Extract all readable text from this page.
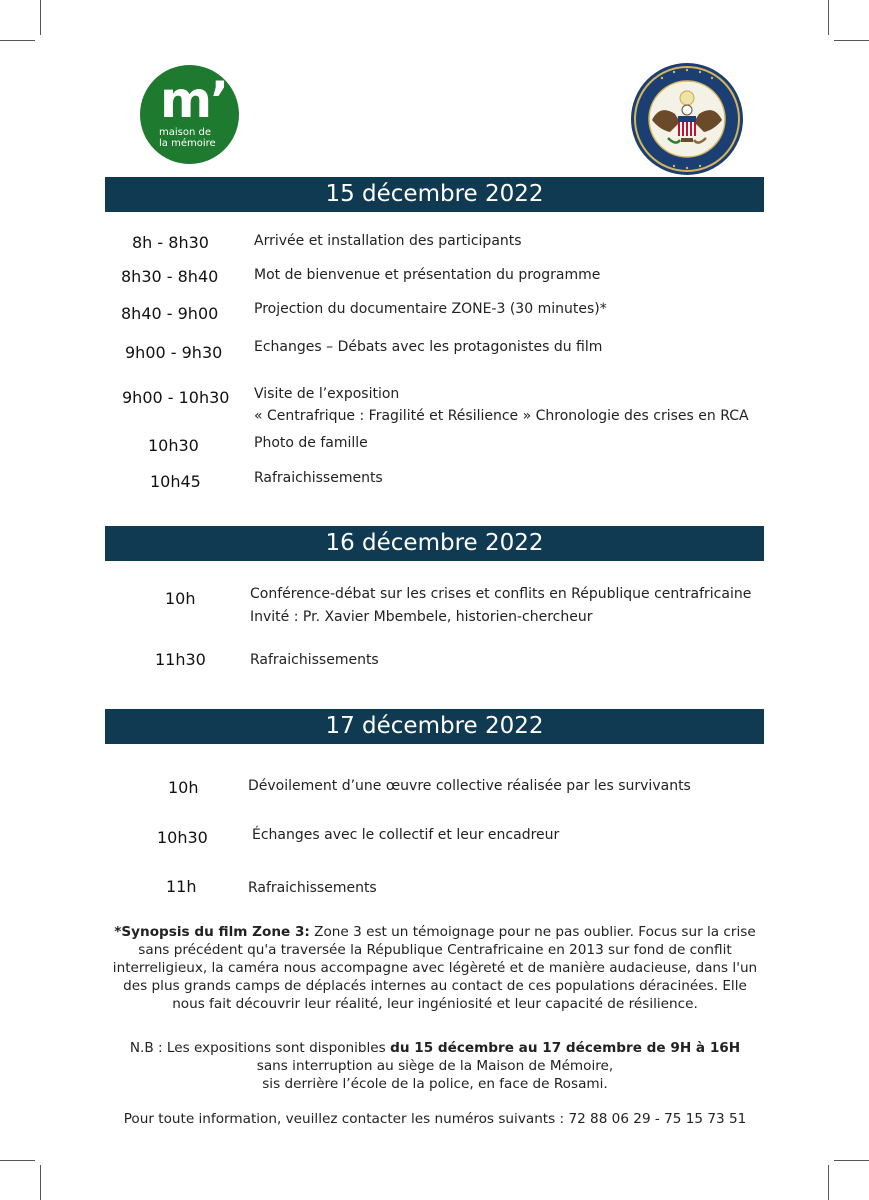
m’
maison de
la mémoire
15 décembre 2022
8h - 8h30	Arrivée et installation des participants
8h30 - 8h40	Mot de bienvenue et présentation du programme
8h40 - 9h00	Projection du documentaire ZONE-3 (30 minutes)*
9h00 - 9h30 Echanges – Débats avec les protagonistes du film
9h00 - 10h30 Visite de l’exposition
« Centrafrique : Fragilité et Résilience » Chronologie des crises en RCA
10h30	Photo de famille
10h45	Rafraichissements
16 décembre 2022
10h	Conférence-débat sur les crises et conflits en République centrafricaine
Invité : Pr. Xavier Mbembele, historien-chercheur
11h30	Rafraichissements
17 décembre 2022
10h	Dévoilement d’une œuvre collective réalisée par les survivants
10h30	Échanges avec le collectif et leur encadreur
11h	Rafraichissements
*Synopsis du film Zone 3: Zone 3 est un témoignage pour ne pas oublier. Focus sur la crise sans précédent qu'a traversée la République Centrafricaine en 2013 sur fond de conflit interreligieux, la caméra nous accompagne avec légèreté et de manière audacieuse, dans l'un des plus grands camps de déplacés internes au contact de ces populations déracinées. Elle nous fait découvrir leur réalité, leur ingéniosité et leur capacité de résilience.
N.B : Les expositions sont disponibles du 15 décembre au 17 décembre de 9H à 16H
sans interruption au siège de la Maison de Mémoire,
sis derrière l’école de la police, en face de Rosami.
Pour toute information, veuillez contacter les numéros suivants : 72 88 06 29 - 75 15 73 51
